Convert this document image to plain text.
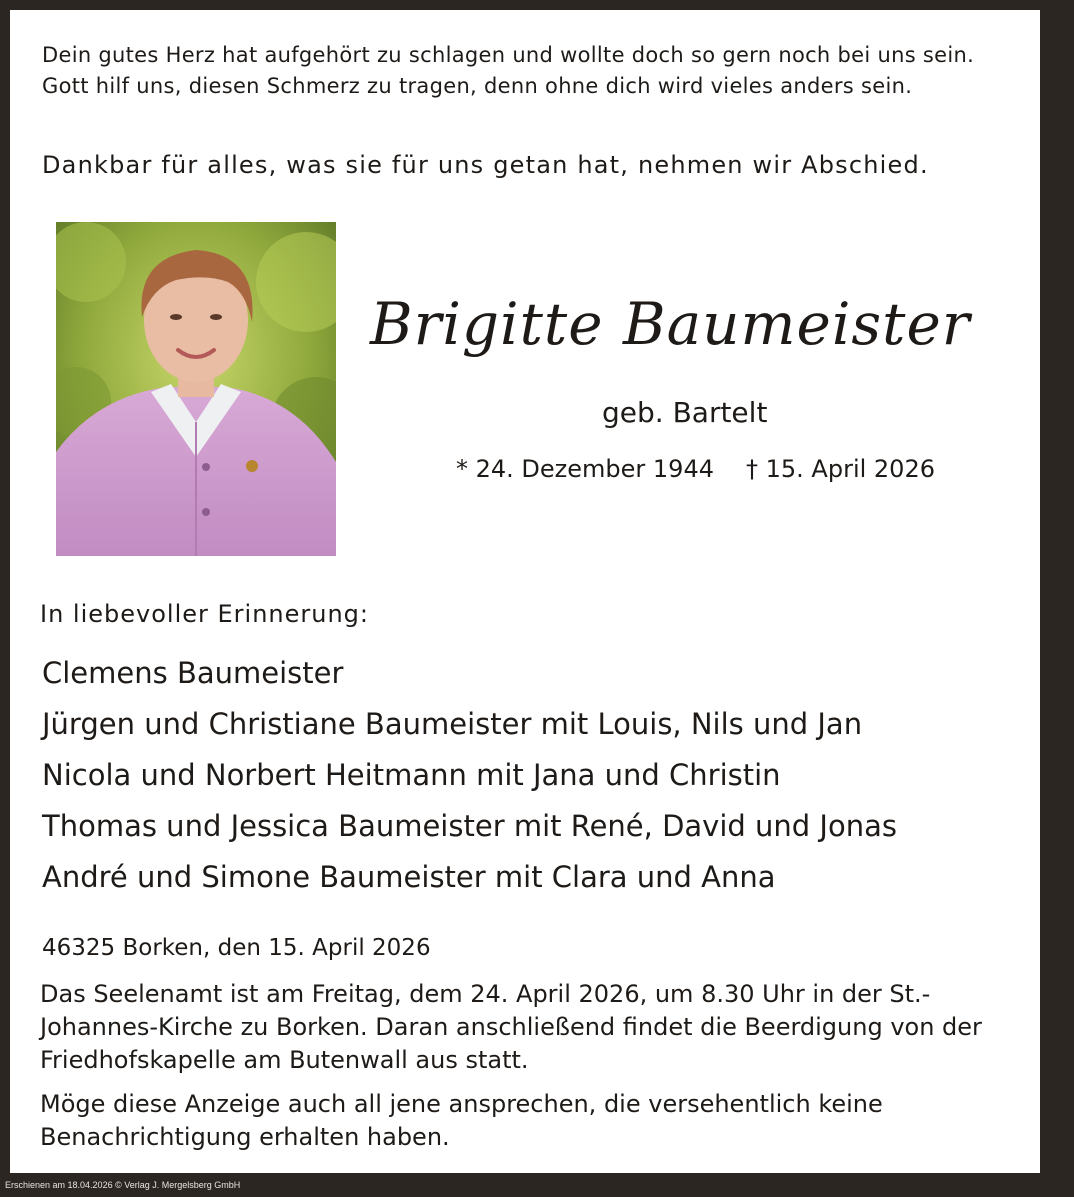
Dein gutes Herz hat aufgehört zu schlagen und wollte doch so gern noch bei uns sein.

Gott hilf uns, diesen Schmerz zu tragen, denn ohne dich wird vieles anders sein.

Dankbar für alles, was sie für uns getan hat, nehmen wir Abschied.

Brigitte Baumeister

geb. Bartelt

* 24. Dezember 1944 † 15. April 2026

In liebevoller Erinnerung:

Clemens Baumeister

Jürgen und Christiane Baumeister mit Louis, Nils und Jan

Nicola und Norbert Heitmann mit Jana und Christin

Thomas und Jessica Baumeister mit René, David und Jonas

André und Simone Baumeister mit Clara und Anna

46325 Borken, den 15. April 2026

Das Seelenamt ist am Freitag, dem 24. April 2026, um 8.30 Uhr in der St.-Johannes-Kirche zu Borken. Daran anschließend findet die Beerdigung von der Friedhofskapelle am Butenwall aus statt.

Möge diese Anzeige auch all jene ansprechen, die versehentlich keine Benachrichtigung erhalten haben.

Erschienen am 18.04.2026 © Verlag J. Mergelsberg GmbH
